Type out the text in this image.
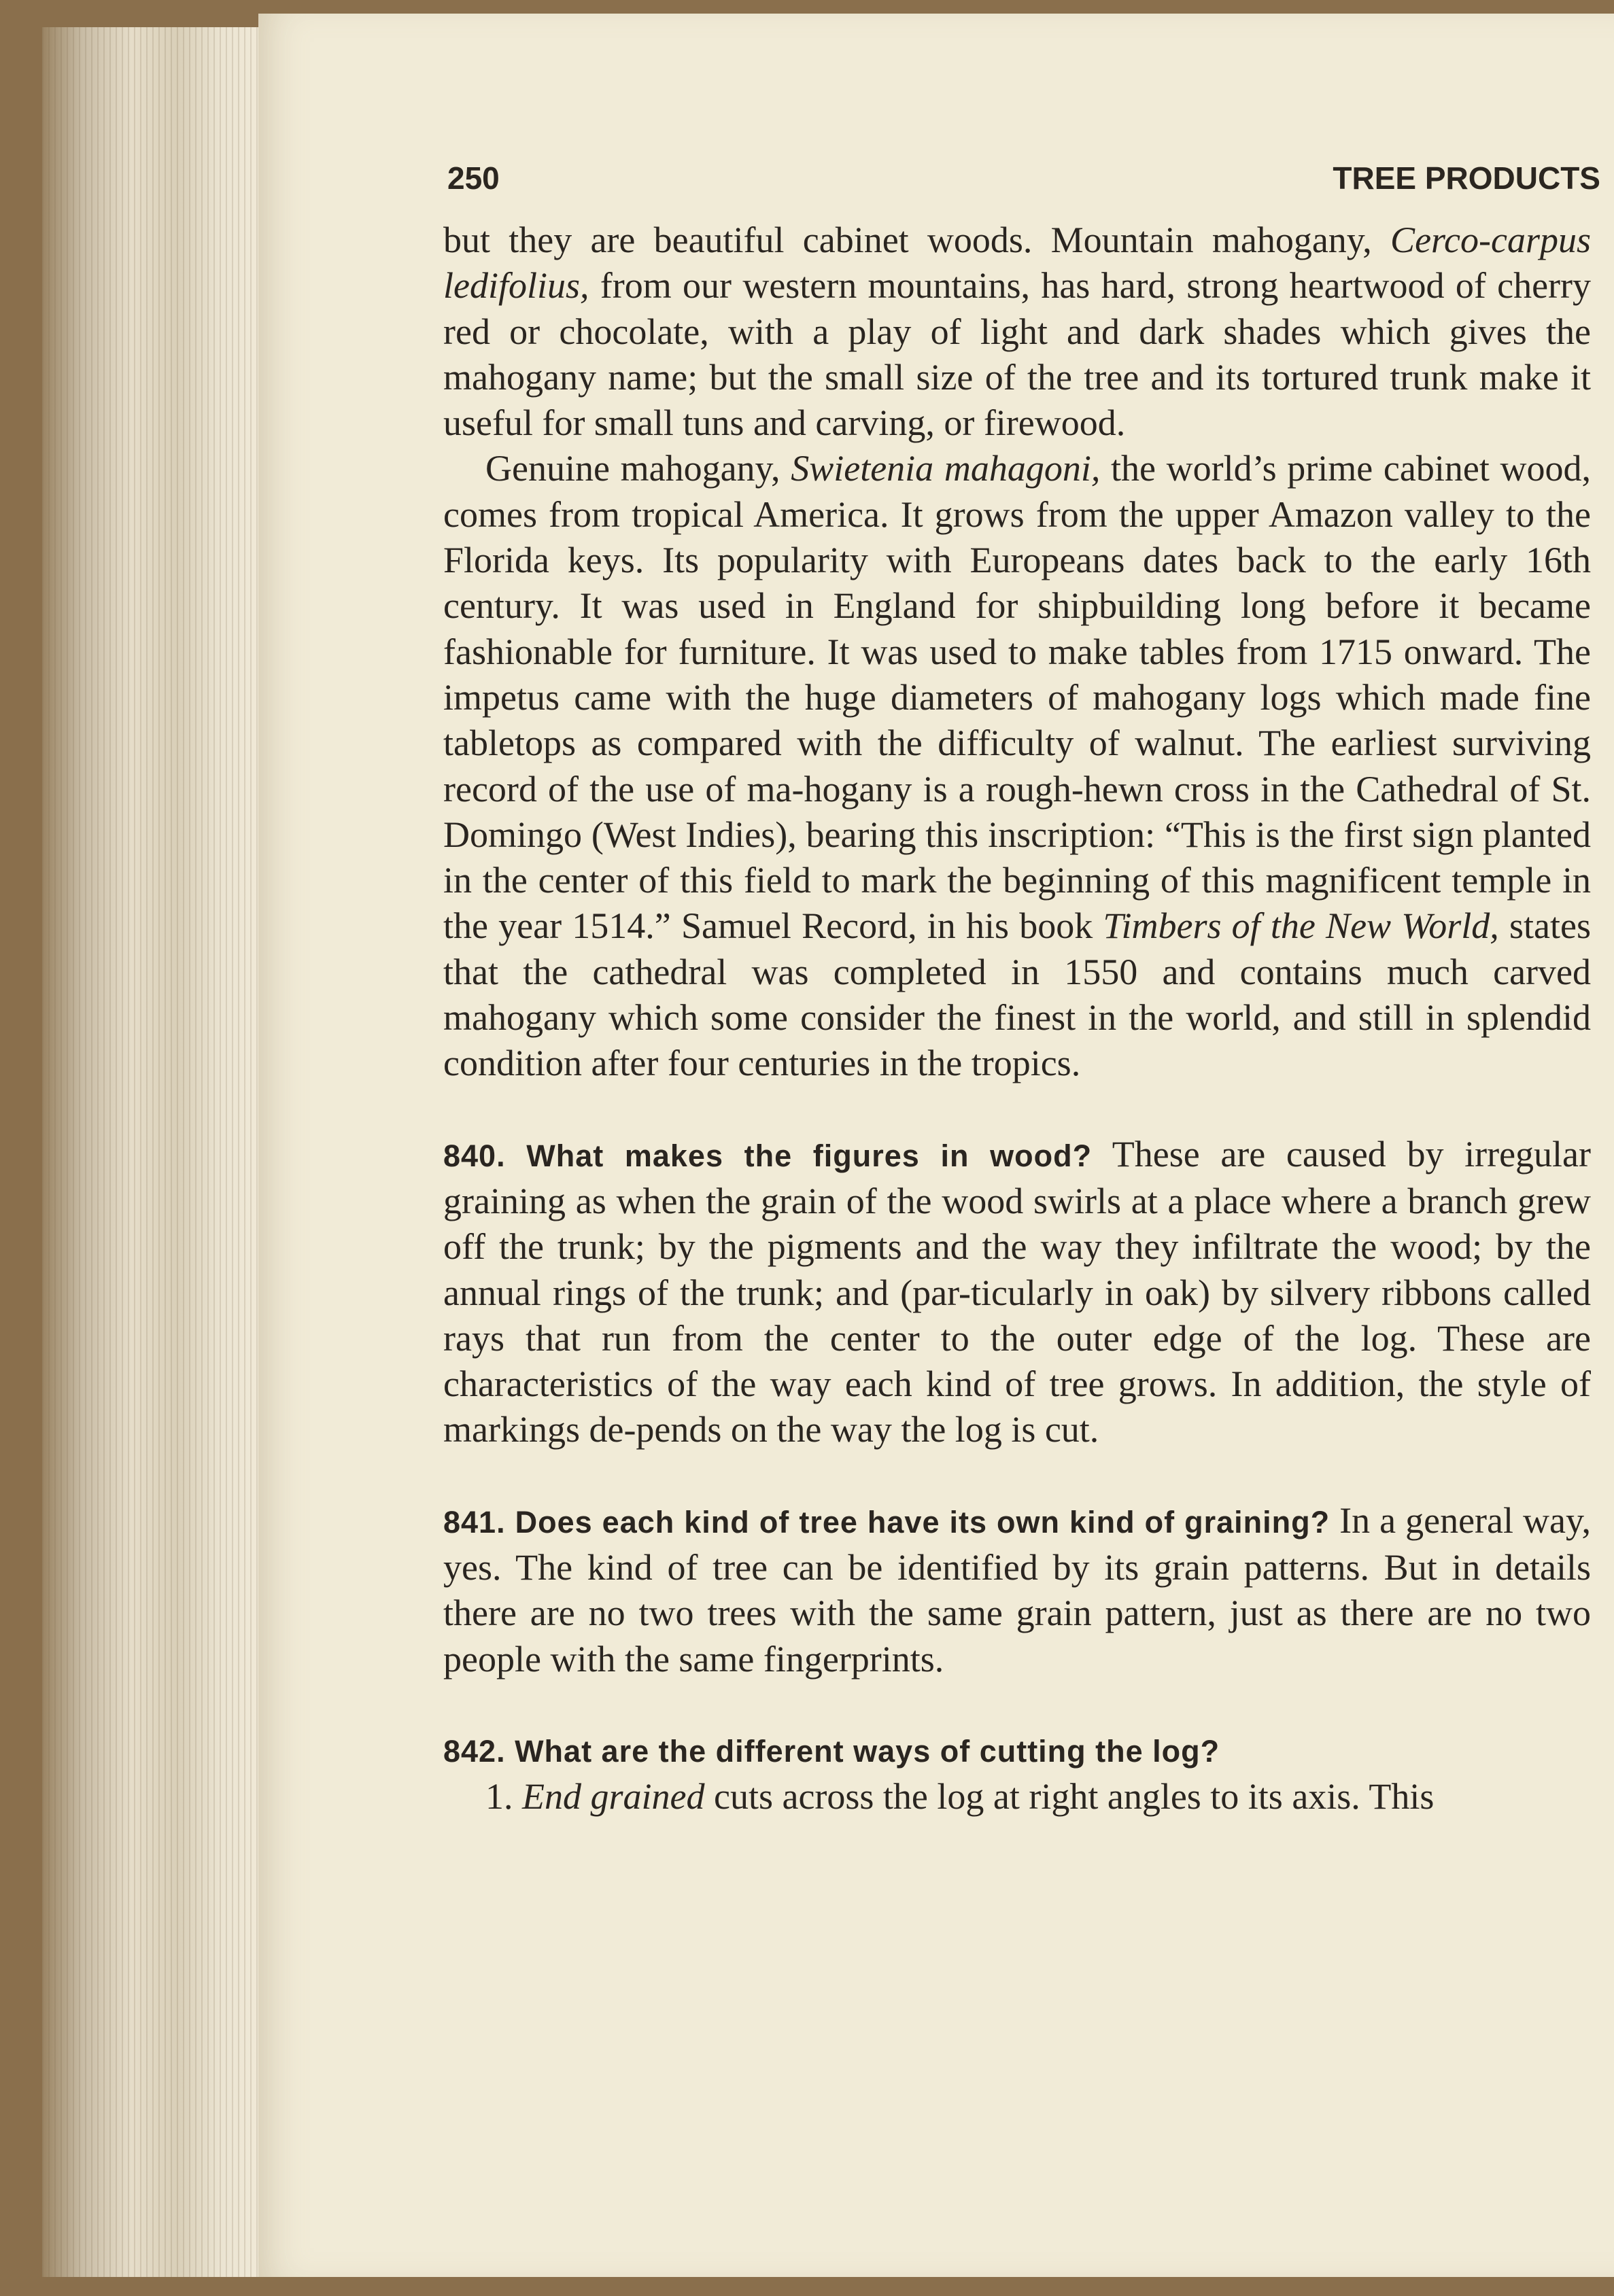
250	TREE PRODUCTS

but they are beautiful cabinet woods. Mountain mahogany, Cerco-carpus ledifolius, from our western mountains, has hard, strong heartwood of cherry red or chocolate, with a play of light and dark shades which gives the mahogany name; but the small size of the tree and its tortured trunk make it useful for small tuns and carving, or firewood.

Genuine mahogany, Swietenia mahagoni, the world’s prime cabinet wood, comes from tropical America. It grows from the upper Amazon valley to the Florida keys. Its popularity with Europeans dates back to the early 16th century. It was used in England for shipbuilding long before it became fashionable for furniture. It was used to make tables from 1715 onward. The impetus came with the huge diameters of mahogany logs which made fine tabletops as compared with the difficulty of walnut. The earliest surviving record of the use of ma-hogany is a rough-hewn cross in the Cathedral of St. Domingo (West Indies), bearing this inscription: “This is the first sign planted in the center of this field to mark the beginning of this magnificent temple in the year 1514.” Samuel Record, in his book Timbers of the New World, states that the cathedral was completed in 1550 and contains much carved mahogany which some consider the finest in the world, and still in splendid condition after four centuries in the tropics.

840. What makes the figures in wood? These are caused by irregular graining as when the grain of the wood swirls at a place where a branch grew off the trunk; by the pigments and the way they infiltrate the wood; by the annual rings of the trunk; and (par-ticularly in oak) by silvery ribbons called rays that run from the center to the outer edge of the log. These are characteristics of the way each kind of tree grows. In addition, the style of markings de-pends on the way the log is cut.

841. Does each kind of tree have its own kind of graining? In a general way, yes. The kind of tree can be identified by its grain patterns. But in details there are no two trees with the same grain pattern, just as there are no two people with the same fingerprints.

842. What are the different ways of cutting the log?

1. End grained cuts across the log at right angles to its axis. This
